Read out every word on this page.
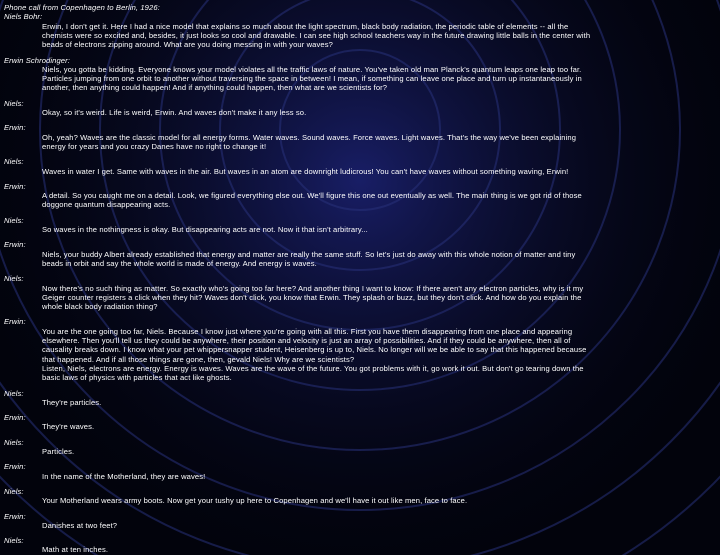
Phone call from Copenhagen to Berlin, 1926:
Niels Bohr:
Erwin, I don't get it. Here I had a nice model that explains so much about the light spectrum, black body radiation, the periodic table of elements -- all the
chemists were so excited and, besides, it just looks so cool and drawable. I can see high school teachers way in the future drawing little balls in the center with
beads of electrons zipping around. What are you doing messing in with your waves?
Erwin Schrodinger:
Niels, you gotta be kidding. Everyone knows your model violates all the traffic laws of nature. You've taken old man Planck's quantum leaps one leap too far.
Particles jumping from one orbit to another without traversing the space in between! I mean, if something can leave one place and turn up instantaneously in
another, then anything could happen! And if anything could happen, then what are we scientists for?
Niels:
Okay, so it's weird. Life is weird, Erwin. And waves don't make it any less so.
Erwin:
Oh, yeah? Waves are the classic model for all energy forms. Water waves. Sound waves. Force waves. Light waves. That's the way we've been explaining
energy for years and you crazy Danes have no right to change it!
Niels:
Waves in water I get. Same with waves in the air. But waves in an atom are downright ludicrous! You can't have waves without something waving, Erwin!
Erwin:
A detail. So you caught me on a detail. Look, we figured everything else out. We'll figure this one out eventually as well. The main thing is we got rid of those
doggone quantum disappearing acts.
Niels:
So waves in the nothingness is okay. But disappearing acts are not. Now it that isn't arbitrary...
Erwin:
Niels, your buddy Albert already established that energy and matter are really the same stuff. So let's just do away with this whole notion of matter and tiny
beads in orbit and say the whole world is made of energy. And energy is waves.
Niels:
Now there's no such thing as matter. So exactly who's going too far here? And another thing I want to know: If there aren't any electron particles, why is it my
Geiger counter registers a click when they hit? Waves don't click, you know that Erwin. They splash or buzz, but they don't click. And how do you explain the
whole black body radiation thing?
Erwin:
You are the one going too far, Niels. Because I know just where you're going with all this. First you have them disappearing from one place and appearing
elsewhere. Then you'll tell us they could be anywhere, their position and velocity is just an array of possibilities. And if they could be anywhere, then all of
causality breaks down. I know what your pet whippersnapper student, Heisenberg is up to, Niels. No longer will we be able to say that this happened because
that happened. And if all those things are gone, then, gevald Niels! Why are we scientists?
Listen, Niels, electrons are energy. Energy is waves. Waves are the wave of the future. You got problems with it, go work it out. But don't go tearing down the
basic laws of physics with particles that act like ghosts.
Niels:
They're particles.
Erwin:
They're waves.
Niels:
Particles.
Erwin:
In the name of the Motherland, they are waves!
Niels:
Your Motherland wears army boots. Now get your tushy up here to Copenhagen and we'll have it out like men, face to face.
Erwin:
Danishes at two feet?
Niels:
Math at ten inches.
